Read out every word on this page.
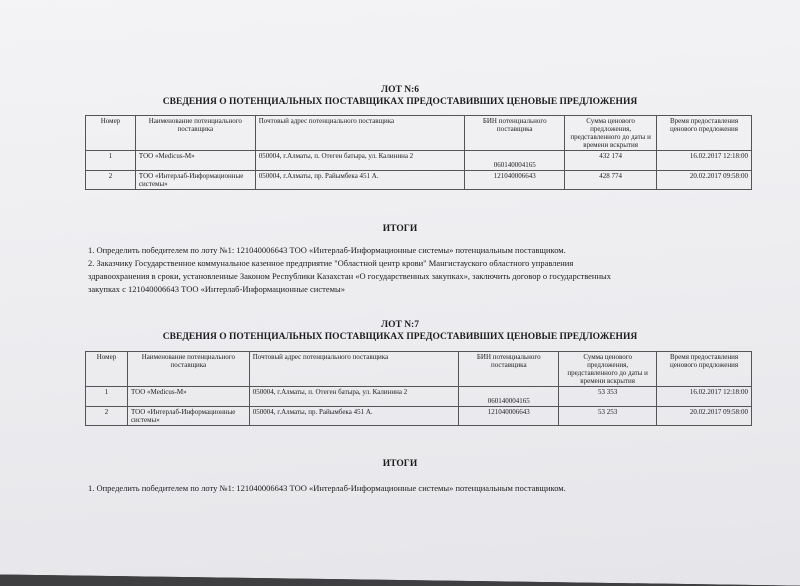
ЛОТ N:6
СВЕДЕНИЯ О ПОТЕНЦИАЛЬНЫХ ПОСТАВЩИКАХ ПРЕДОСТАВИВШИХ ЦЕНОВЫЕ ПРЕДЛОЖЕНИЯ
Номер	Наименование потенциального поставщика	Почтовый адрес потенциального поставщика	БИН потенциального поставщика	Сумма ценового предложения, представленного до даты и времени вскрытия	Время предоставления ценового предложения
1	ТОО «Medicus-M»	050004, г.Алматы, п. Отеген батыра, ул. Калинина 2	060140004165	432 174	16.02.2017 12:18:00
2	ТОО «Интерлаб-Информационные системы»	050004, г.Алматы, пр. Райымбека 451 А.	121040006643	428 774	20.02.2017 09:58:00
ИТОГИ
1. Определить победителем по лоту №1: 121040006643 ТОО «Интерлаб-Информационные системы» потенциальным поставщиком.
2. Заказчику Государственное коммунальное казенное предприятие "Областной центр крови" Мангистауского областного управления
здравоохранения в сроки, установленные Законом Республики Казахстан «О государственных закупках», заключить договор о государственных
закупках с 121040006643 ТОО «Интерлаб-Информационные системы»
ЛОТ N:7
СВЕДЕНИЯ О ПОТЕНЦИАЛЬНЫХ ПОСТАВЩИКАХ ПРЕДОСТАВИВШИХ ЦЕНОВЫЕ ПРЕДЛОЖЕНИЯ
Номер	Наименование потенциального поставщика	Почтовый адрес потенциального поставщика	БИН потенциального поставщика	Сумма ценового предложения, представленного до даты и времени вскрытия	Время предоставления ценового предложения
1	ТОО «Medicus-M»	050004, г.Алматы, п. Отеген батыра, ул. Калинина 2	060140004165	53 353	16.02.2017 12:18:00
2	ТОО «Интерлаб-Информационные системы»	050004, г.Алматы, пр. Райымбека 451 А.	121040006643	53 253	20.02.2017 09:58:00
ИТОГИ
1. Определить победителем по лоту №1: 121040006643 ТОО «Интерлаб-Информационные системы» потенциальным поставщиком.
